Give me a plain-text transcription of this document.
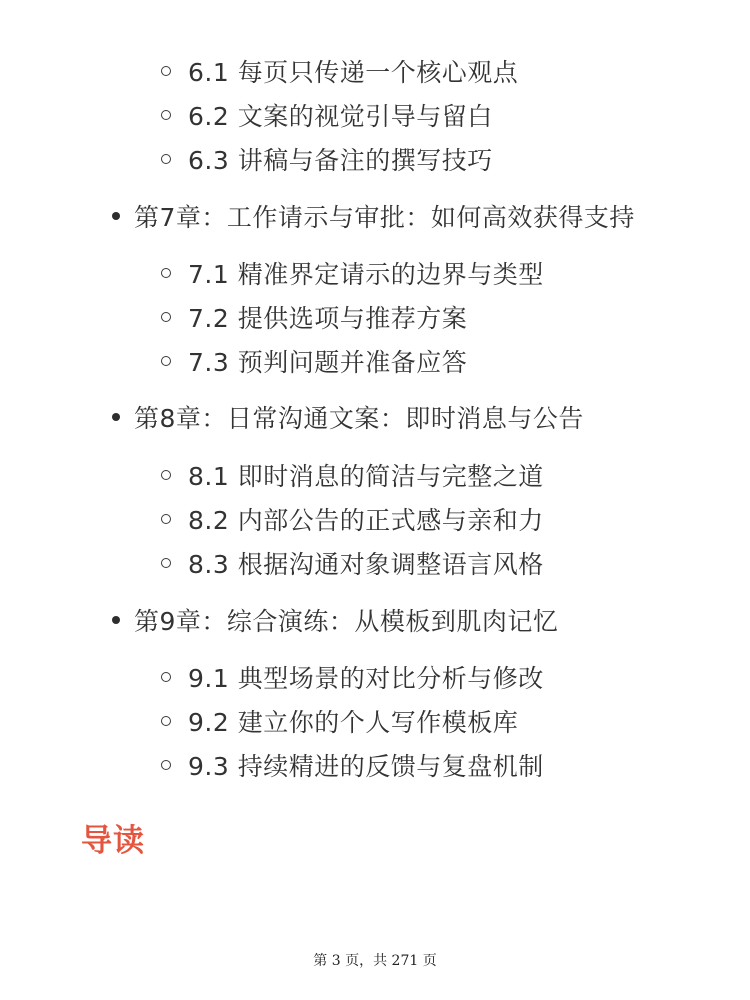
6.1 每页只传递一个核心观点
6.2 文案的视觉引导与留白
6.3 讲稿与备注的撰写技巧
第7章：工作请示与审批：如何高效获得支持
7.1 精准界定请示的边界与类型
7.2 提供选项与推荐方案
7.3 预判问题并准备应答
第8章：日常沟通文案：即时消息与公告
8.1 即时消息的简洁与完整之道
8.2 内部公告的正式感与亲和力
8.3 根据沟通对象调整语言风格
第9章：综合演练：从模板到肌肉记忆
9.1 典型场景的对比分析与修改
9.2 建立你的个人写作模板库
9.3 持续精进的反馈与复盘机制
导读
第 3 页，共 271 页
